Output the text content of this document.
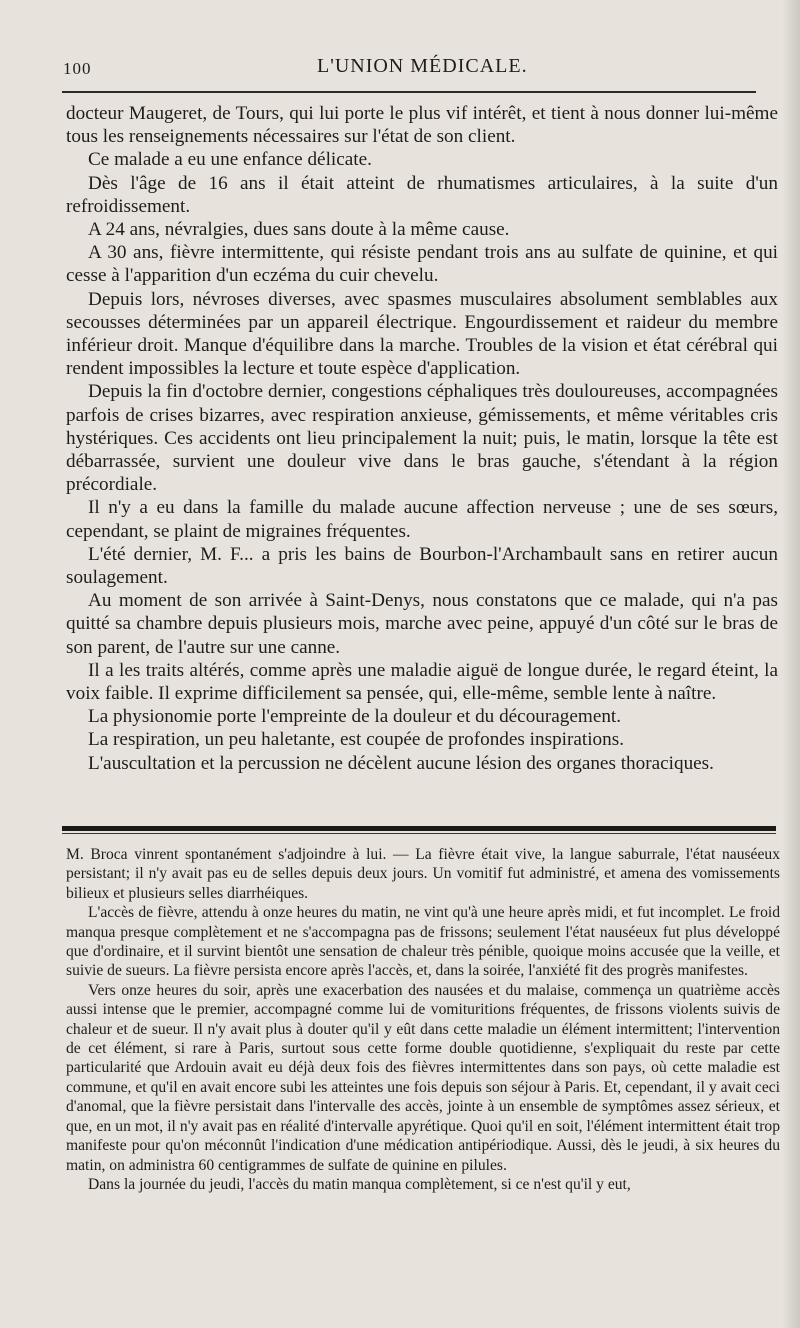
100	L'UNION MÉDICALE.

docteur Maugeret, de Tours, qui lui porte le plus vif intérêt, et tient à nous donner lui-même tous les renseignements nécessaires sur l'état de son client.

Ce malade a eu une enfance délicate.

Dès l'âge de 16 ans il était atteint de rhumatismes articulaires, à la suite d'un refroidissement.

A 24 ans, névralgies, dues sans doute à la même cause.

A 30 ans, fièvre intermittente, qui résiste pendant trois ans au sulfate de quinine, et qui cesse à l'apparition d'un eczéma du cuir chevelu.

Depuis lors, névroses diverses, avec spasmes musculaires absolument semblables aux secousses déterminées par un appareil électrique. Engourdissement et raideur du membre inférieur droit. Manque d'équilibre dans la marche. Troubles de la vision et état cérébral qui rendent impossibles la lecture et toute espèce d'application.

Depuis la fin d'octobre dernier, congestions céphaliques très douloureuses, accompagnées parfois de crises bizarres, avec respiration anxieuse, gémissements, et même véritables cris hystériques. Ces accidents ont lieu principalement la nuit; puis, le matin, lorsque la tête est débarrassée, survient une douleur vive dans le bras gauche, s'étendant à la région précordiale.

Il n'y a eu dans la famille du malade aucune affection nerveuse ; une de ses sœurs, cependant, se plaint de migraines fréquentes.

L'été dernier, M. F... a pris les bains de Bourbon-l'Archambault sans en retirer aucun soulagement.

Au moment de son arrivée à Saint-Denys, nous constatons que ce malade, qui n'a pas quitté sa chambre depuis plusieurs mois, marche avec peine, appuyé d'un côté sur le bras de son parent, de l'autre sur une canne.

Il a les traits altérés, comme après une maladie aiguë de longue durée, le regard éteint, la voix faible. Il exprime difficilement sa pensée, qui, elle-même, semble lente à naître.

La physionomie porte l'empreinte de la douleur et du découragement.

La respiration, un peu haletante, est coupée de profondes inspirations.

L'auscultation et la percussion ne décèlent aucune lésion des organes thoraciques.

M. Broca vinrent spontanément s'adjoindre à lui. — La fièvre était vive, la langue saburrale, l'état nauséeux persistant; il n'y avait pas eu de selles depuis deux jours. Un vomitif fut administré, et amena des vomissements bilieux et plusieurs selles diarrhéiques.

L'accès de fièvre, attendu à onze heures du matin, ne vint qu'à une heure après midi, et fut incomplet. Le froid manqua presque complètement et ne s'accompagna pas de frissons; seulement l'état nauséeux fut plus développé que d'ordinaire, et il survint bientôt une sensation de chaleur très pénible, quoique moins accusée que la veille, et suivie de sueurs. La fièvre persista encore après l'accès, et, dans la soirée, l'anxiété fit des progrès manifestes.

Vers onze heures du soir, après une exacerbation des nausées et du malaise, commença un quatrième accès aussi intense que le premier, accompagné comme lui de vomituritions fréquentes, de frissons violents suivis de chaleur et de sueur. Il n'y avait plus à douter qu'il y eût dans cette maladie un élément intermittent; l'intervention de cet élément, si rare à Paris, surtout sous cette forme double quotidienne, s'expliquait du reste par cette particularité que Ardouin avait eu déjà deux fois des fièvres intermittentes dans son pays, où cette maladie est commune, et qu'il en avait encore subi les atteintes une fois depuis son séjour à Paris. Et, cependant, il y avait ceci d'anomal, que la fièvre persistait dans l'intervalle des accès, jointe à un ensemble de symptômes assez sérieux, et que, en un mot, il n'y avait pas en réalité d'intervalle apyrétique. Quoi qu'il en soit, l'élément intermittent était trop manifeste pour qu'on méconnût l'indication d'une médication antipériodique. Aussi, dès le jeudi, à six heures du matin, on administra 60 centigrammes de sulfate de quinine en pilules.

Dans la journée du jeudi, l'accès du matin manqua complètement, si ce n'est qu'il y eut,
